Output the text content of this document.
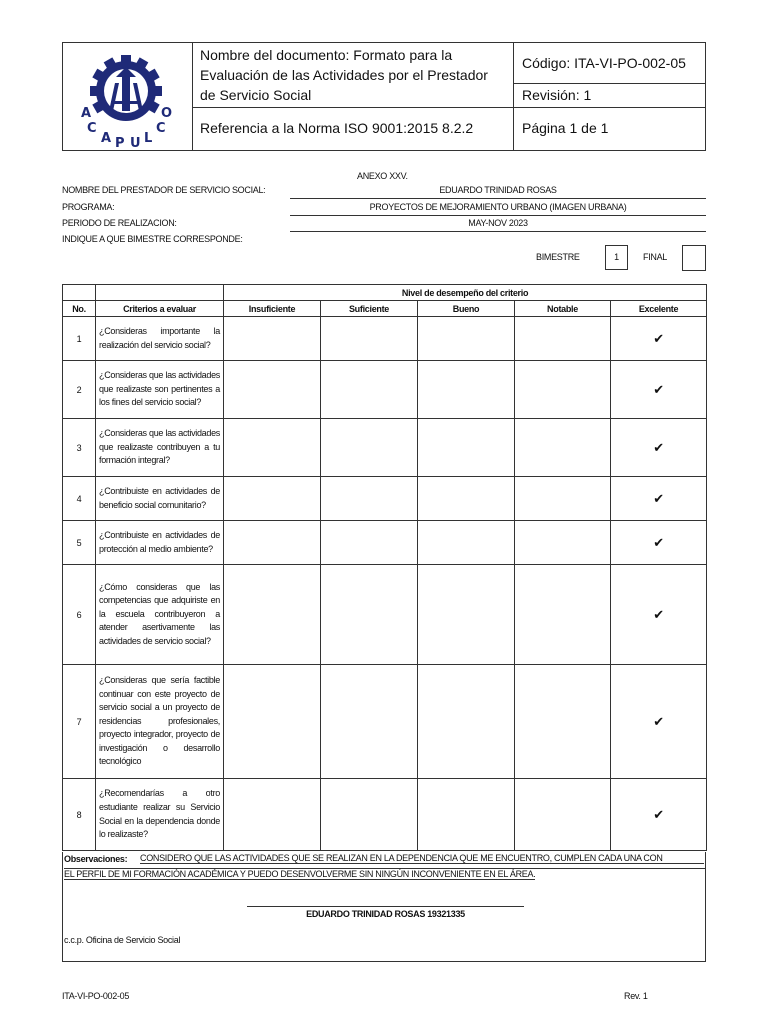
A
C
A P U L
C
O
Nombre del documento: Formato para la Evaluación de las Actividades por el Prestador de Servicio Social
Referencia a la Norma ISO 9001:2015 8.2.2
Código: ITA-VI-PO-002-05
Revisión: 1
Página 1 de 1
ANEXO XXV.
NOMBRE DEL PRESTADOR DE SERVICIO SOCIAL:	EDUARDO TRINIDAD ROSAS
PROGRAMA:	PROYECTOS DE MEJORAMIENTO URBANO (IMAGEN URBANA)
PERIODO DE REALIZACION:	MAY-NOV 2023
INDIQUE A QUE BIMESTRE CORRESPONDE:
BIMESTRE	1	FINAL
		Nivel de desempeño del criterio				
No.	Criterios a evaluar	Insuficiente	Suficiente	Bueno	Notable	Excelente
1	¿Consideras importante la realización del servicio social?					✔
2	¿Consideras que las actividades que realizaste son pertinentes a los fines del servicio social?					✔
3	¿Consideras que las actividades que realizaste contribuyen a tu formación integral?					✔
4	¿Contribuiste en actividades de beneficio social comunitario?					✔
5	¿Contribuiste en actividades de protección al medio ambiente?					✔
6	¿Cómo consideras que las competencias que adquiriste en la escuela contribuyeron a atender asertivamente las actividades de servicio social?					✔
7	¿Consideras que sería factible continuar con este proyecto de servicio social a un proyecto de residencias profesionales, proyecto integrador, proyecto de investigación o desarrollo tecnológico					✔
8	¿Recomendarías a otro estudiante realizar su Servicio Social en la dependencia donde lo realizaste?					✔
Observaciones: CONSIDERO QUE LAS ACTIVIDADES QUE SE REALIZAN EN LA DEPENDENCIA QUE ME ENCUENTRO, CUMPLEN CADA UNA CON
EL PERFIL DE MI FORMACIÓN ACADÉMICA Y PUEDO DESENVOLVERME SIN NINGÚN INCONVENIENTE EN EL ÁREA.
EDUARDO TRINIDAD ROSAS 19321335
c.c.p. Oficina de Servicio Social
ITA-VI-PO-002-05	Rev. 1
